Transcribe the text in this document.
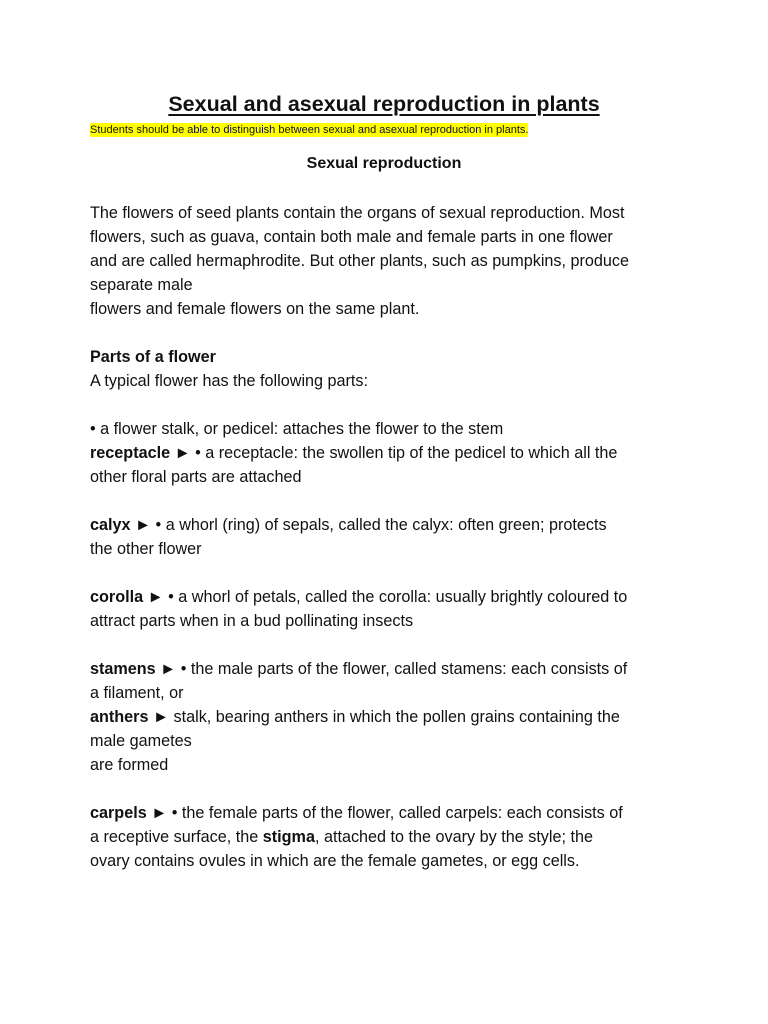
Sexual and asexual reproduction in plants

Students should be able to distinguish between sexual and asexual reproduction in plants.

Sexual reproduction

The flowers of seed plants contain the organs of sexual reproduction. Most

flowers, such as guava, contain both male and female parts in one flower

and are called hermaphrodite. But other plants, such as pumpkins, produce

separate male

flowers and female flowers on the same plant.

Parts of a flower

A typical flower has the following parts:

• a flower stalk, or pedicel: attaches the flower to the stem

receptacle ► • a receptacle: the swollen tip of the pedicel to which all the

other floral parts are attached

calyx ► • a whorl (ring) of sepals, called the calyx: often green; protects

the other flower

corolla ► • a whorl of petals, called the corolla: usually brightly coloured to

attract parts when in a bud pollinating insects

stamens ► • the male parts of the flower, called stamens: each consists of

a filament, or

anthers ► stalk, bearing anthers in which the pollen grains containing the

male gametes

are formed

carpels ► • the female parts of the flower, called carpels: each consists of

a receptive surface, the stigma, attached to the ovary by the style; the

ovary contains ovules in which are the female gametes, or egg cells.
